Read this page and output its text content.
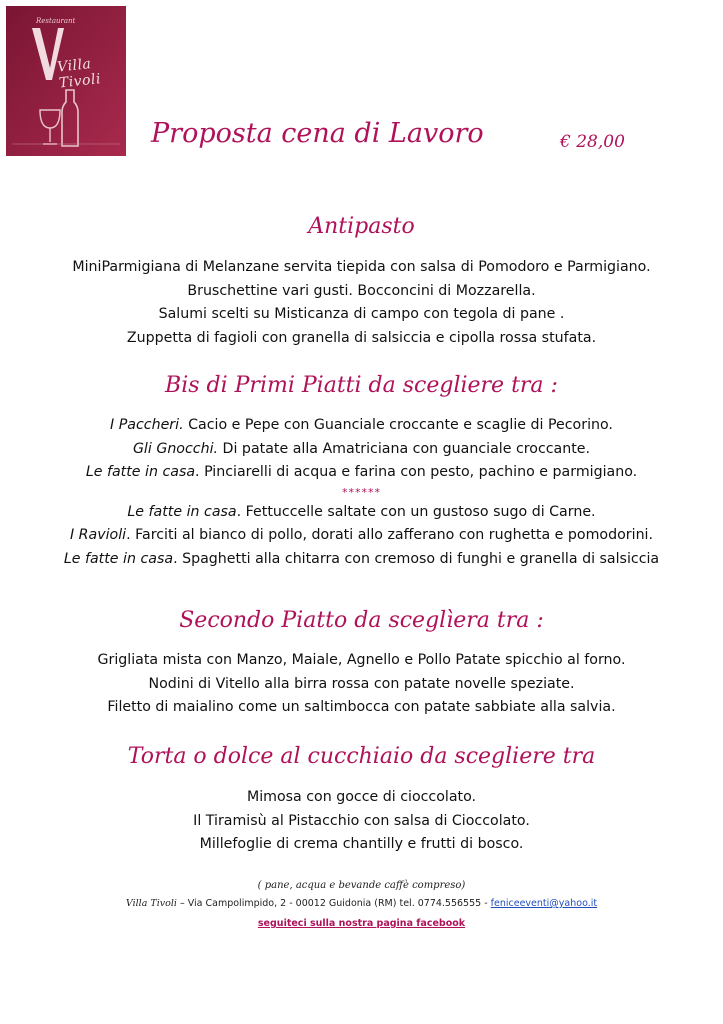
Restaurant
Villa Tivoli
Proposta cena di Lavoro	€ 28,00
Antipasto
MiniParmigiana di Melanzane servita tiepida con salsa di Pomodoro e Parmigiano.
Bruschettine vari gusti. Bocconcini di Mozzarella.
Salumi scelti su Misticanza di campo con tegola di pane .
Zuppetta di fagioli con granella di salsiccia e cipolla rossa stufata.
Bis di Primi Piatti da scegliere tra :
I Paccheri. Cacio e Pepe con Guanciale croccante e scaglie di Pecorino.
Gli Gnocchi. Di patate alla Amatriciana con guanciale croccante.
Le fatte in casa. Pinciarelli di acqua e farina con pesto, pachino e parmigiano.
******
Le fatte in casa. Fettuccelle saltate con un gustoso sugo di Carne.
I Ravioli. Farciti al bianco di pollo, dorati allo zafferano con rughetta e pomodorini.
Le fatte in casa. Spaghetti alla chitarra con cremoso di funghi e granella di salsiccia
Secondo Piatto da sceglìera tra :
Grigliata mista con Manzo, Maiale, Agnello e Pollo Patate spicchio al forno.
Nodini di Vitello alla birra rossa con patate novelle speziate.
Filetto di maialino come un saltimbocca con patate sabbiate alla salvia.
Torta o dolce al cucchiaio da scegliere tra
Mimosa con gocce di cioccolato.
Il Tiramisù al Pistacchio con salsa di Cioccolato.
Millefoglie di crema chantilly e frutti di bosco.
( pane, acqua e bevande caffè compreso)
Villa Tivoli – Via Campolimpido, 2 - 00012 Guidonia (RM) tel. 0774.556555 - feniceeventi@yahoo.it
seguiteci sulla nostra pagina facebook
